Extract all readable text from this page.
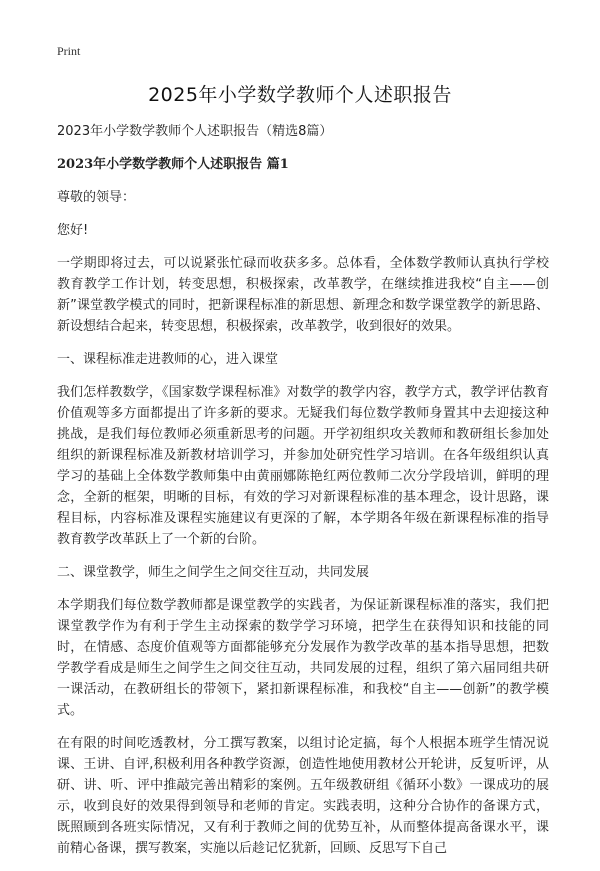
Print
2025年小学数学教师个人述职报告

2023年小学数学教师个人述职报告（精选8篇）

2023年小学数学教师个人述职报告 篇1

尊敬的领导：

您好!

一学期即将过去，可以说紧张忙碌而收获多多。总体看，全体数学教师认真执行学校教育教学工作计划，转变思想，积极探索，改革教学，在继续推进我校“自主——创新”课堂教学模式的同时，把新课程标准的新思想、新理念和数学课堂教学的新思路、新设想结合起来，转变思想，积极探索，改革教学，收到很好的效果。

一、课程标准走进教师的心，进入课堂

我们怎样教数学，《国家数学课程标准》对数学的教学内容，教学方式，教学评估教育价值观等多方面都提出了许多新的要求。无疑我们每位数学教师身置其中去迎接这种挑战，是我们每位教师必须重新思考的问题。开学初组织攻关教师和教研组长参加处组织的新课程标准及新教材培训学习，并参加处研究性学习培训。在各年级组织认真学习的基础上全体数学教师集中由黄丽娜陈艳红两位教师二次分学段培训，鲜明的理念，全新的框架，明晰的目标，有效的学习对新课程标准的基本理念，设计思路，课程目标，内容标准及课程实施建议有更深的了解，本学期各年级在新课程标准的指导教育教学改革跃上了一个新的台阶。

二、课堂教学，师生之间学生之间交往互动，共同发展

本学期我们每位数学教师都是课堂教学的实践者，为保证新课程标准的落实，我们把课堂教学作为有利于学生主动探索的数学学习环境，把学生在获得知识和技能的同时，在情感、态度价值观等方面都能够充分发展作为教学改革的基本指导思想，把数学教学看成是师生之间学生之间交往互动，共同发展的过程，组织了第六届同组共研一课活动，在教研组长的带领下，紧扣新课程标准，和我校“自主——创新”的教学模式。

在有限的时间吃透教材，分工撰写教案，以组讨论定搞，每个人根据本班学生情况说课、王讲、自评,积极利用各种教学资源，创造性地使用教材公开轮讲，反复听评，从研、讲、听、评中推敲完善出精彩的案例。五年级教研组《循环小数》一课成功的展示，收到良好的效果得到领导和老师的肯定。实践表明，这种分合协作的备课方式，既照顾到各班实际情况，又有利于教师之间的优势互补，从而整体提高备课水平，课前精心备课，撰写教案，实施以后趁记忆犹新，回顾、反思写下自己
